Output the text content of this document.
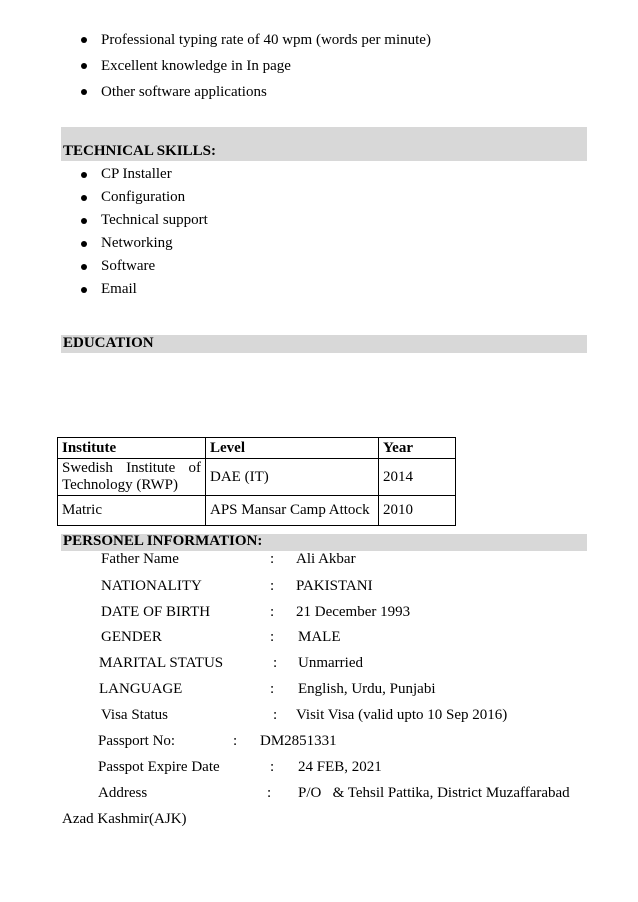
Professional typing rate of 40 wpm (words per minute)
Excellent knowledge in In page
Other software applications
TECHNICAL SKILLS:
CP Installer
Configuration
Technical support
Networking
Software
Email
EDUCATION
Institute	Level	Year
Swedish Institute of Technology (RWP)	DAE (IT)	2014
Matric	APS Mansar Camp Attock	2010
PERSONEL INFORMATION:
Father Name	: Ali Akbar
NATIONALITY	: PAKISTANI
DATE OF BIRTH	: 21 December 1993
GENDER	: MALE
MARITAL STATUS	: Unmarried
LANGUAGE	: English, Urdu, Punjabi
Visa Status	: Visit Visa (valid upto 10 Sep 2016)
Passport No:	: DM2851331
Passpot Expire Date	: 24 FEB, 2021
Address	: P/O   & Tehsil Pattika, District Muzaffarabad
Azad Kashmir(AJK)
